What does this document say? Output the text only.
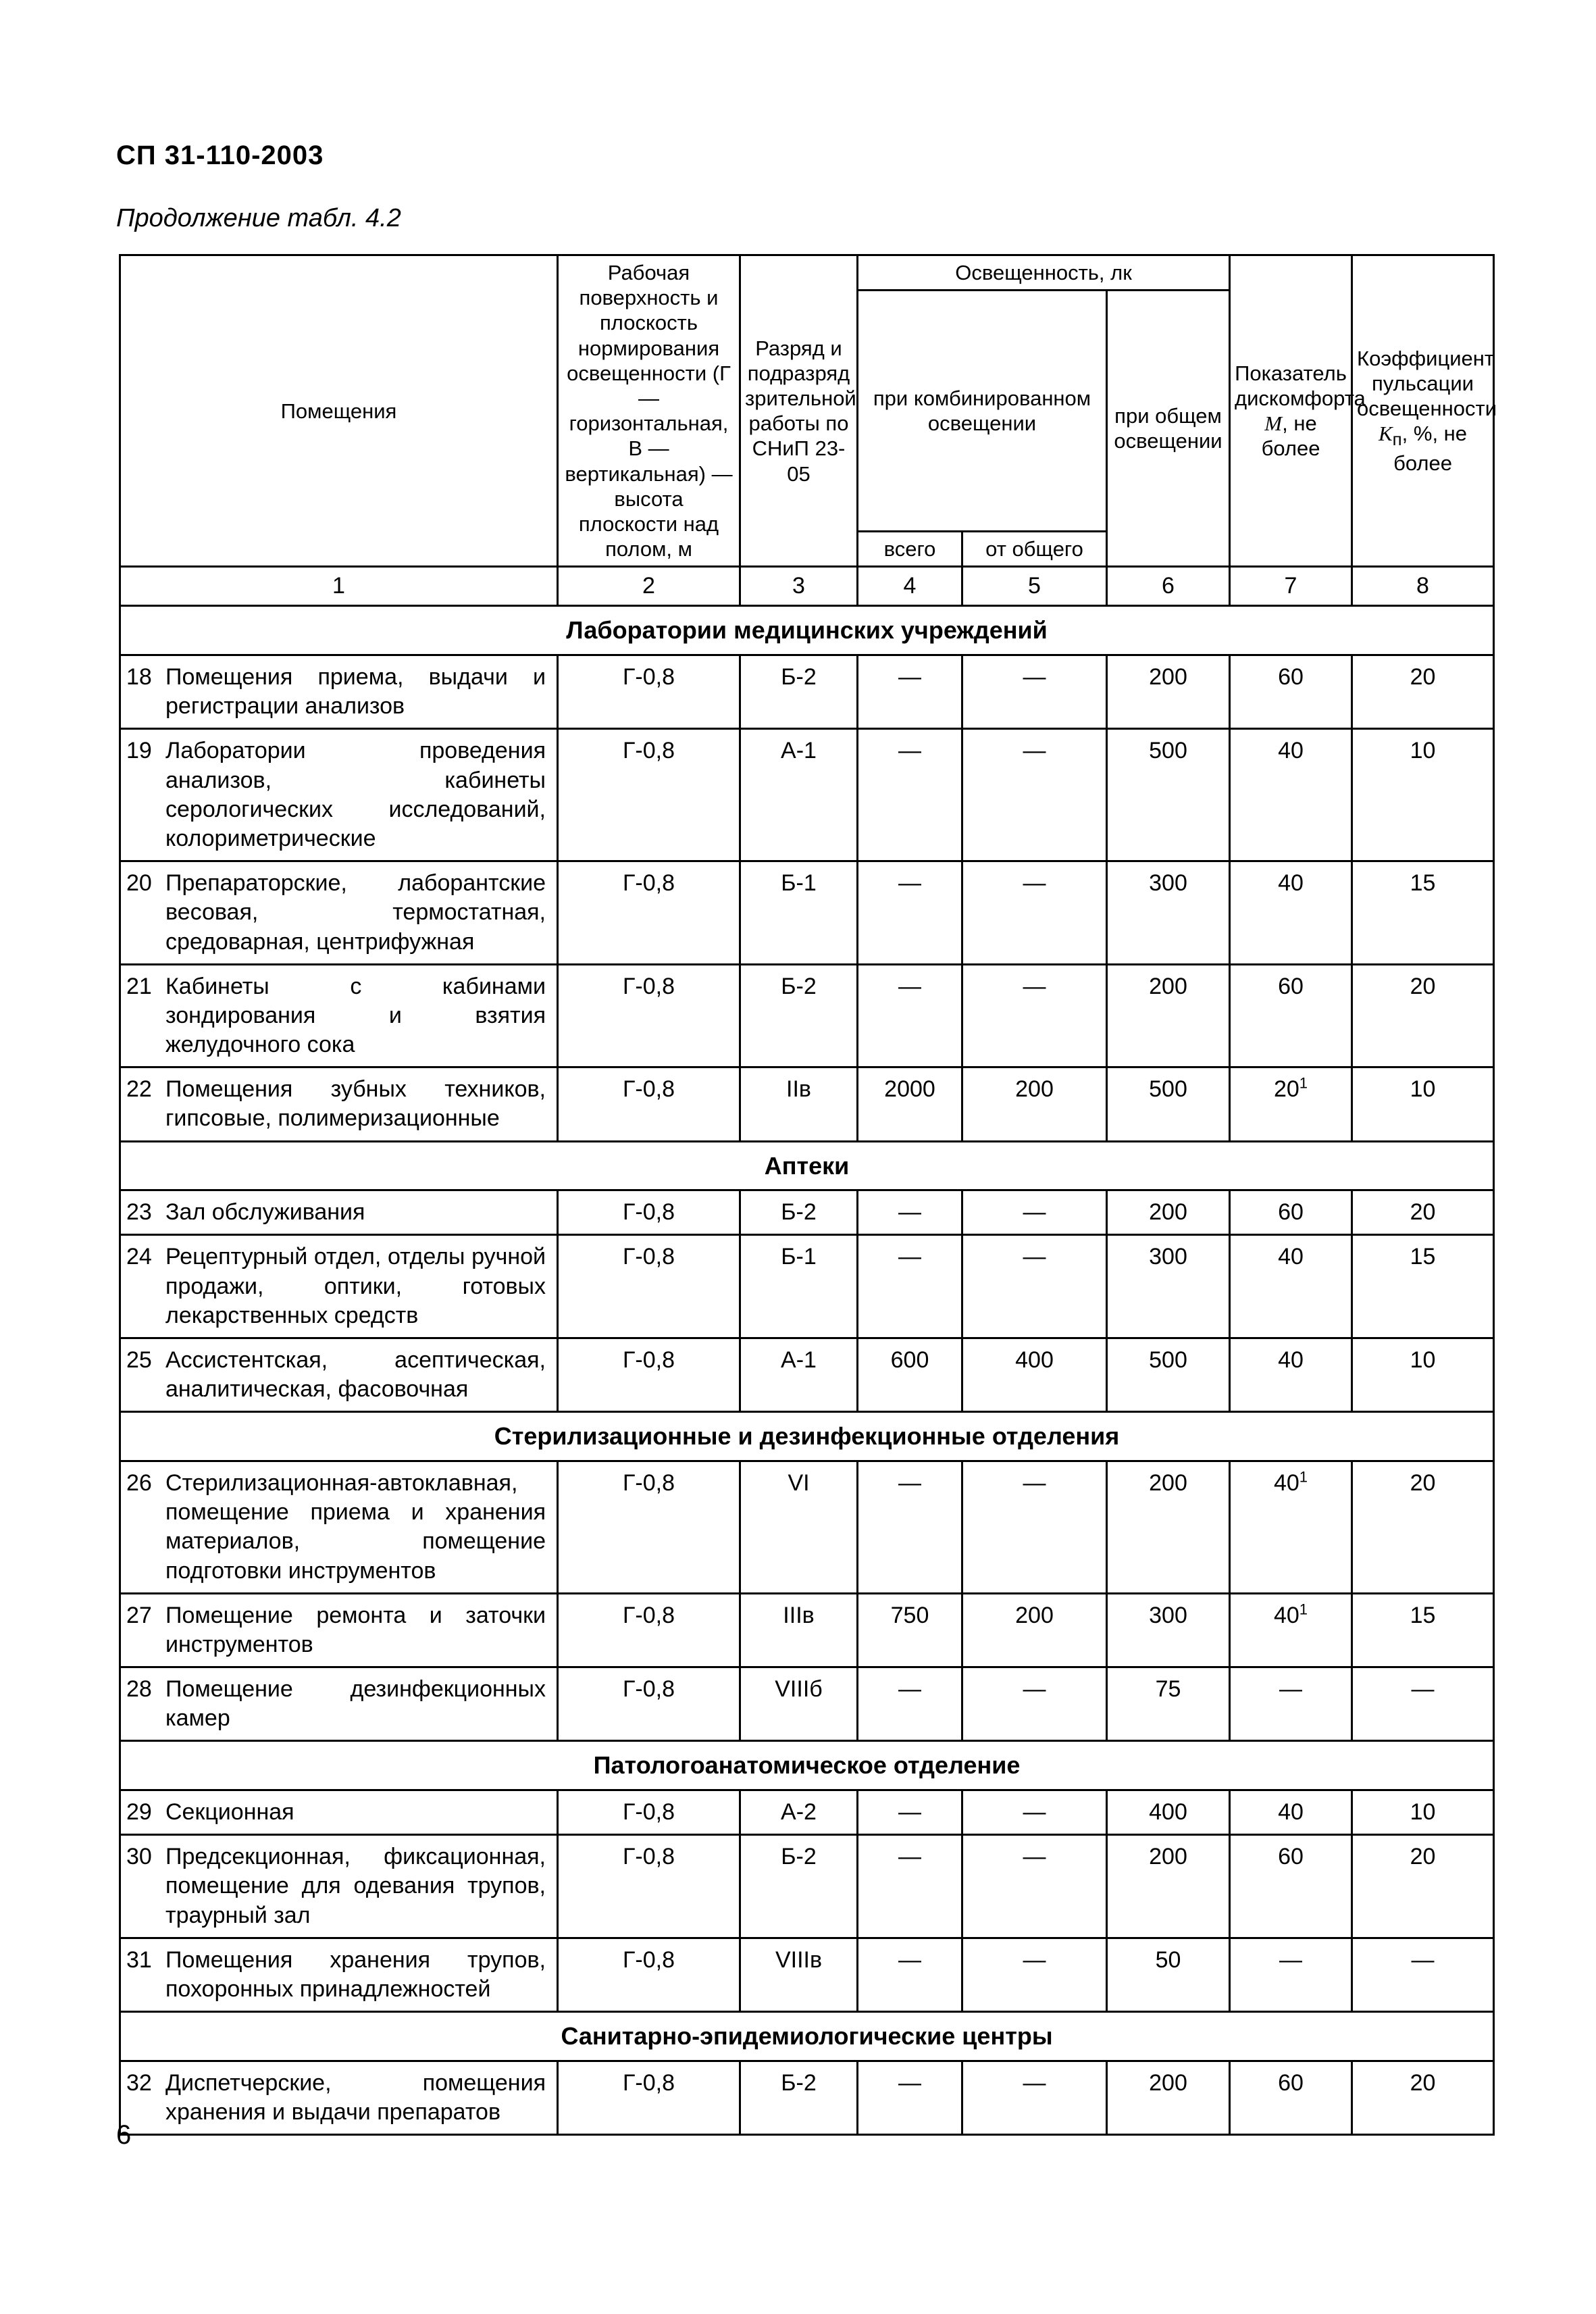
СП 31-110-2003
Продолжение табл. 4.2
Помещения	Рабочая поверхность и плоскость нормирования освещенности (Г — горизонтальная, В — вертикальная) — высота плоскости над полом, м	Разряд и подразряд зрительной работы по СНиП 23-05	Освещенность, лк			Показатель дискомфорта M, не более	Коэффициент пульсации освещенности $K_п$, %, не более
			при комбинированном освещении		при общем освещении		
			всего	от общего			
1	2	3	4	5	6	7	8
Лаборатории медицинских учреждений							
18 Помещения приема, выдачи и регистрации анализов	Г-0,8	Б-2	—	—	200	60	20
19 Лаборатории проведения анализов, кабинеты серологических исследований, колориметрические	Г-0,8	А-1	—	—	500	40	10
20 Препараторские, лаборантские весовая, термостатная, средоварная, центрифужная	Г-0,8	Б-1	—	—	300	40	15
21 Кабинеты с кабинами зондирования и взятия желудочного сока	Г-0,8	Б-2	—	—	200	60	20
22 Помещения зубных техников, гипсовые, полимеризационные	Г-0,8	IIв	2000	200	500	$20^1$	10
Аптеки							
23 Зал обслуживания	Г-0,8	Б-2	—	—	200	60	20
24 Рецептурный отдел, отделы ручной продажи, оптики, готовых лекарственных средств	Г-0,8	Б-1	—	—	300	40	15
25 Ассистентская, асептическая, аналитическая, фасовочная	Г-0,8	А-1	600	400	500	40	10
Стерилизационные и дезинфекционные отделения							
26 Стерилизационная-автоклавная, помещение приема и хранения материалов, помещение подготовки инструментов	Г-0,8	VI	—	—	200	$40^1$	20
27 Помещение ремонта и заточки инструментов	Г-0,8	IIIв	750	200	300	$40^1$	15
28 Помещение дезинфекционных камер	Г-0,8	VIIIб	—	—	75	—	—
Патологоанатомическое отделение							
29 Секционная	Г-0,8	А-2	—	—	400	40	10
30 Предсекционная, фиксационная, помещение для одевания трупов, траурный зал	Г-0,8	Б-2	—	—	200	60	20
31 Помещения хранения трупов, похоронных принадлежностей	Г-0,8	VIIIв	—	—	50	—	—
Санитарно-эпидемиологические центры							
32 Диспетчерские, помещения хранения и выдачи препаратов	Г-0,8	Б-2	—	—	200	60	20
6
